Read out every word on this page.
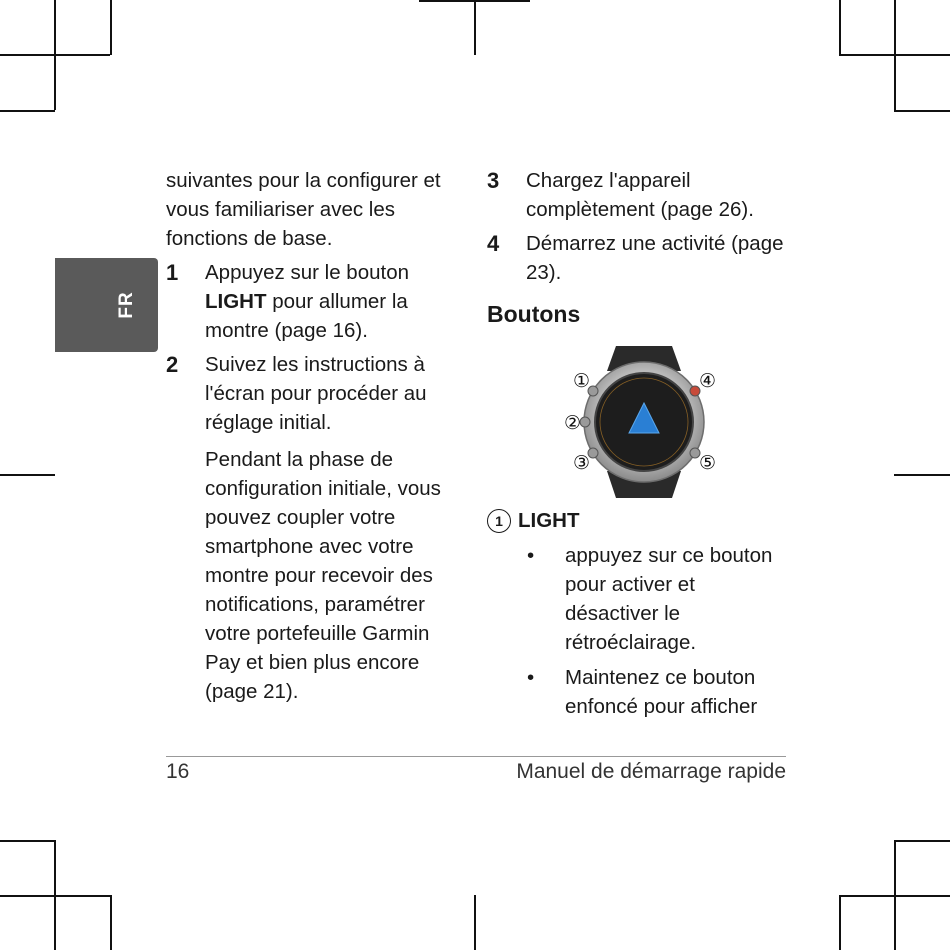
FR

suivantes pour la configurer et vous familiariser avec les fonctions de base.

1 Appuyez sur le bouton LIGHT pour allumer la montre (page 16).

2 Suivez les instructions à l'écran pour procéder au réglage initial.

Pendant la phase de configuration initiale, vous pouvez coupler votre smartphone avec votre montre pour recevoir des notifications, paramétrer votre portefeuille Garmin Pay et bien plus encore (page 21).

3 Chargez l'appareil complètement (page 26).

4 Démarrez une activité (page 23).

Boutons
①
②
③
④
⑤
1 LIGHT
• appuyez sur ce bouton pour activer et désactiver le rétroéclairage.

• Maintenez ce bouton enfoncé pour afficher

16	Manuel de démarrage rapide
